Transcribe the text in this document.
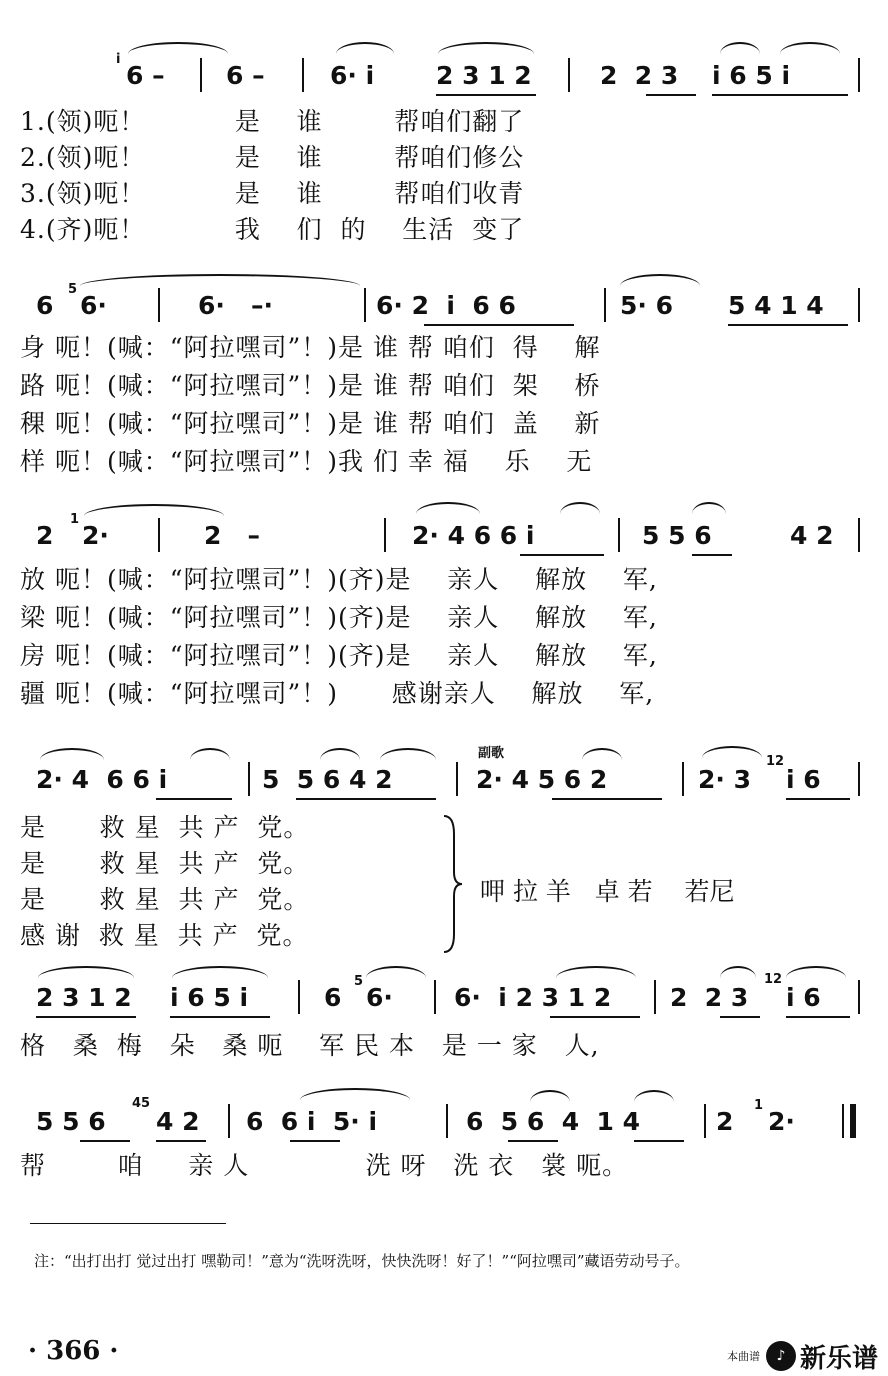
i̇
6 – 6 –	6· i 2 3 1 2	2  2 3 i 6 5 i
1.(领)呃！          是    谁        帮咱们翻了
2.(领)呃！          是    谁        帮咱们修公
3.(领)呃！          是    谁        帮咱们收青
4.(齐)呃！          我    们  的    生活  变了
6
5
6·	6·   –·	6· 2  i  6 6	5· 6 5 4 1 4
身 呃！(喊：“阿拉嘿司”！)是 谁 帮 咱们  得    解
路 呃！(喊：“阿拉嘿司”！)是 谁 帮 咱们  架    桥
稞 呃！(喊：“阿拉嘿司”！)是 谁 帮 咱们  盖    新
样 呃！(喊：“阿拉嘿司”！)我 们 幸 福    乐    无
2
1
2·	2   –	2· 4 6 6 i	5 5 6	4 2
放 呃！(喊：“阿拉嘿司”！)(齐)是    亲人    解放    军,
梁 呃！(喊：“阿拉嘿司”！)(齐)是    亲人    解放    军,
房 呃！(喊：“阿拉嘿司”！)(齐)是    亲人    解放    军,
疆 呃！(喊：“阿拉嘿司”！)      感谢亲人    解放    军,
2· 4  6 6 i	5  5 6 4 2
副歌
2· 4 5 6 2	2· 3
12
i 6
是      救 星  共 产  党。
是      救 星  共 产  党。
是      救 星  共 产  党。
感 谢  救 星  共 产  党。
呷 拉 羊   卓 若    若尼
2 3 1 2 i 6 5 i	6
5
6· 6·  i 2 3 1 2 2  2 3
12
i 6
格   桑  梅   朵   桑 呃    军 民 本   是 一 家   人,
5 5 6
45
4 2 6  6 i  5· i	6  5 6  4  1 4	2
1
2·
帮        咱     亲 人             洗 呀   洗 衣   裳 呃。
注：“出打出打 觉过出打 嘿勒司！”意为“洗呀洗呀，快快洗呀！好了！”“阿拉嘿司”藏语劳动号子。
· 366 ·	本曲谱	♪ 新乐谱
